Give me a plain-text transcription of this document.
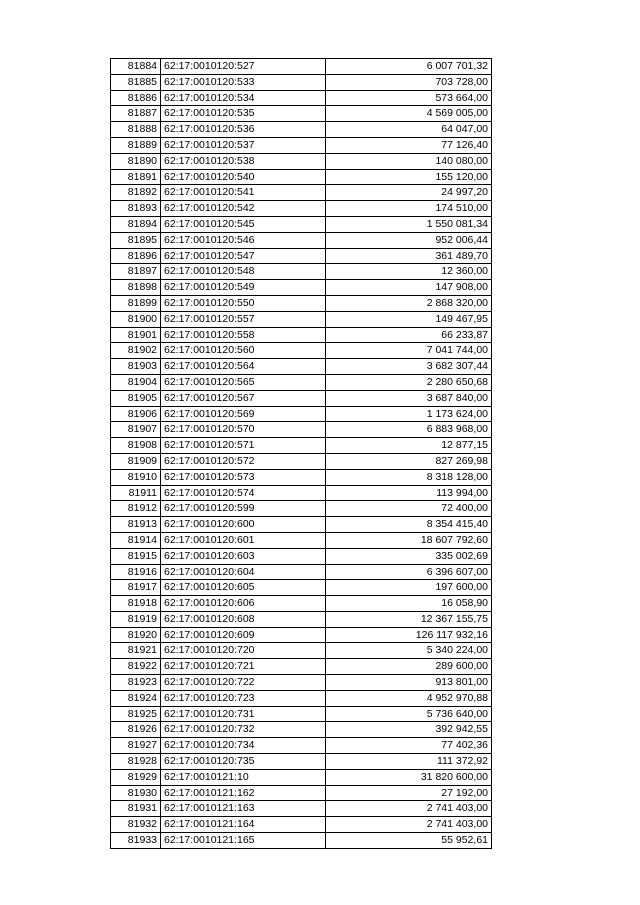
81884	62:17:0010120:527	6 007 701,32
81885	62:17:0010120:533	703 728,00
81886	62:17:0010120:534	573 664,00
81887	62:17:0010120:535	4 569 005,00
81888	62:17:0010120:536	64 047,00
81889	62:17:0010120:537	77 126,40
81890	62:17:0010120:538	140 080,00
81891	62:17:0010120:540	155 120,00
81892	62:17:0010120:541	24 997,20
81893	62:17:0010120:542	174 510,00
81894	62:17:0010120:545	1 550 081,34
81895	62:17:0010120:546	952 006,44
81896	62:17:0010120:547	361 489,70
81897	62:17:0010120:548	12 360,00
81898	62:17:0010120:549	147 908,00
81899	62:17:0010120:550	2 868 320,00
81900	62:17:0010120:557	149 467,95
81901	62:17:0010120:558	66 233,87
81902	62:17:0010120:560	7 041 744,00
81903	62:17:0010120:564	3 682 307,44
81904	62:17:0010120:565	2 280 650,68
81905	62:17:0010120:567	3 687 840,00
81906	62:17:0010120:569	1 173 624,00
81907	62:17:0010120:570	6 883 968,00
81908	62:17:0010120:571	12 877,15
81909	62:17:0010120:572	827 269,98
81910	62:17:0010120:573	8 318 128,00
81911	62:17:0010120:574	113 994,00
81912	62:17:0010120:599	72 400,00
81913	62:17:0010120:600	8 354 415,40
81914	62:17:0010120:601	18 607 792,60
81915	62:17:0010120:603	335 002,69
81916	62:17:0010120:604	6 396 607,00
81917	62:17:0010120:605	197 600,00
81918	62:17:0010120:606	16 058,90
81919	62:17:0010120:608	12 367 155,75
81920	62:17:0010120:609	126 117 932,16
81921	62:17:0010120:720	5 340 224,00
81922	62:17:0010120:721	289 600,00
81923	62:17:0010120:722	913 801,00
81924	62:17:0010120:723	4 952 970,88
81925	62:17:0010120:731	5 736 640,00
81926	62:17:0010120:732	392 942,55
81927	62:17:0010120:734	77 402,36
81928	62:17:0010120:735	111 372,92
81929	62:17:0010121:10	31 820 600,00
81930	62:17:0010121:162	27 192,00
81931	62:17:0010121:163	2 741 403,00
81932	62:17:0010121:164	2 741 403,00
81933	62:17:0010121:165	55 952,61
